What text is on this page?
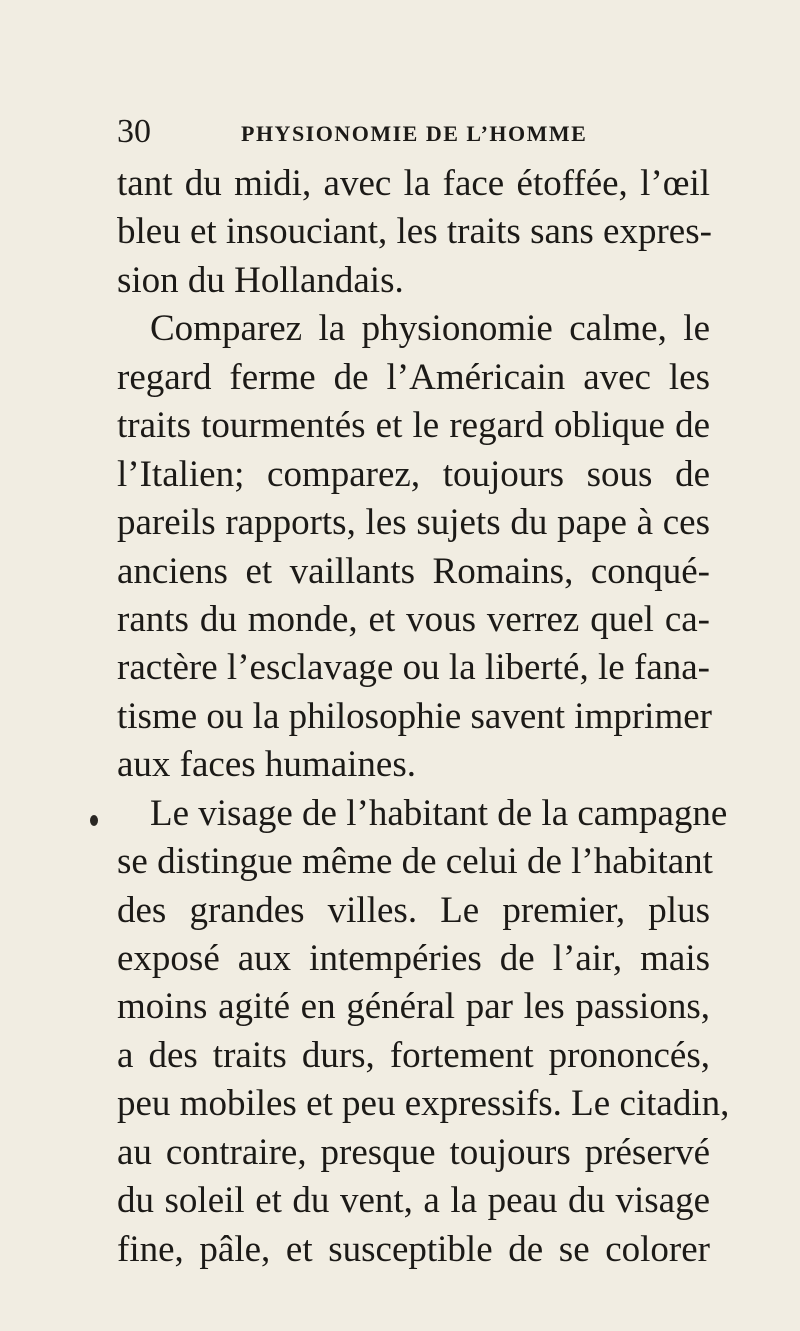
30	PHYSIONOMIE DE L’HOMME
tant du midi, avec la face étoffée, l’œil
bleu et insouciant, les traits sans expres-
sion du Hollandais.
Comparez la physionomie calme, le
regard ferme de l’Américain avec les
traits tourmentés et le regard oblique de
l’Italien; comparez, toujours sous de
pareils rapports, les sujets du pape à ces
anciens et vaillants Romains, conqué-
rants du monde, et vous verrez quel ca-
ractère l’esclavage ou la liberté, le fana-
tisme ou la philosophie savent imprimer
aux faces humaines.
Le visage de l’habitant de la campagne
se distingue même de celui de l’habitant
des grandes villes. Le premier, plus
exposé aux intempéries de l’air, mais
moins agité en général par les passions,
a des traits durs, fortement prononcés,
peu mobiles et peu expressifs. Le citadin,
au contraire, presque toujours préservé
du soleil et du vent, a la peau du visage
fine, pâle, et susceptible de se colorer
